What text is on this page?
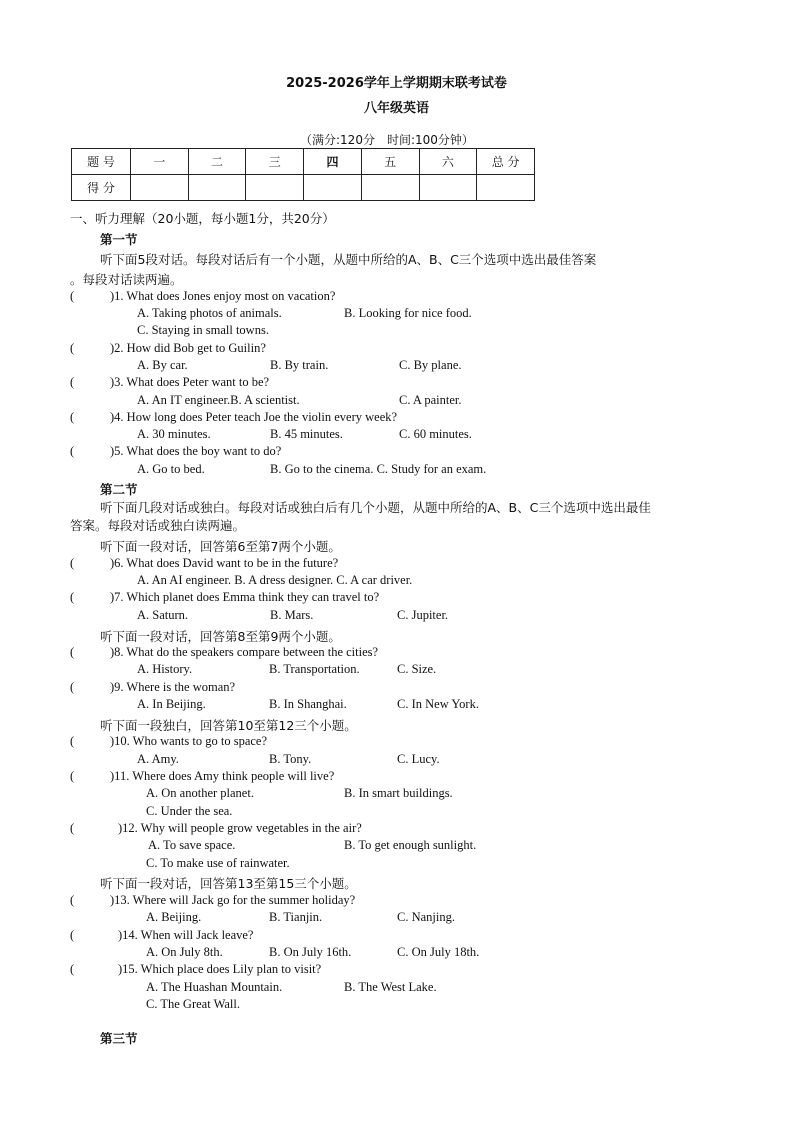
2025-2026学年上学期期末联考试卷
八年级英语
（满分:120分　时间:100分钟）
题 号	一	二	三	四	五	六	总 分
得 分							
一、听力理解（20小题，每小题1分，共20分）
第一节
听下面5段对话。每段对话后有一个小题，从题中所给的A、B、C三个选项中选出最佳答案
。每段对话读两遍。
(	)1. What does Jones enjoy most on vacation?
A. Taking photos of animals.	B. Looking for nice food.
C. Staying in small towns.
(	)2. How did Bob get to Guilin?
A. By car.	B. By train.	C. By plane.
(	)3. What does Peter want to be?
A. An IT engineer.B. A scientist.	C. A painter.
(	)4. How long does Peter teach Joe the violin every week?
A. 30 minutes.	B. 45 minutes.	C. 60 minutes.
(	)5. What does the boy want to do?
A. Go to bed.	B. Go to the cinema. C. Study for an exam.
第二节
听下面几段对话或独白。每段对话或独白后有几个小题，从题中所给的A、B、C三个选项中选出最佳
答案。每段对话或独白读两遍。
听下面一段对话，回答第6至第7两个小题。
(	)6. What does David want to be in the future?
A. An AI engineer. B. A dress designer. C. A car driver.
(	)7. Which planet does Emma think they can travel to?
A. Saturn.	B. Mars.	C. Jupiter.
听下面一段对话，回答第8至第9两个小题。
(	)8. What do the speakers compare between the cities?
A. History.	B. Transportation.	C. Size.
(	)9. Where is the woman?
A. In Beijing.	B. In Shanghai.	C. In New York.
听下面一段独白，回答第10至第12三个小题。
(	)10. Who wants to go to space?
A. Amy.	B. Tony.	C. Lucy.
(	)11. Where does Amy think people will live?
A. On another planet.	B. In smart buildings.
C. Under the sea.
(	)12. Why will people grow vegetables in the air?
A. To save space.	B. To get enough sunlight.
C. To make use of rainwater.
听下面一段对话，回答第13至第15三个小题。
(	)13. Where will Jack go for the summer holiday?
A. Beijing.	B. Tianjin.	C. Nanjing.
(	)14. When will Jack leave?
A. On July 8th.	B. On July 16th.	C. On July 18th.
(	)15. Which place does Lily plan to visit?
A. The Huashan Mountain.	B. The West Lake.
C. The Great Wall.
第三节
